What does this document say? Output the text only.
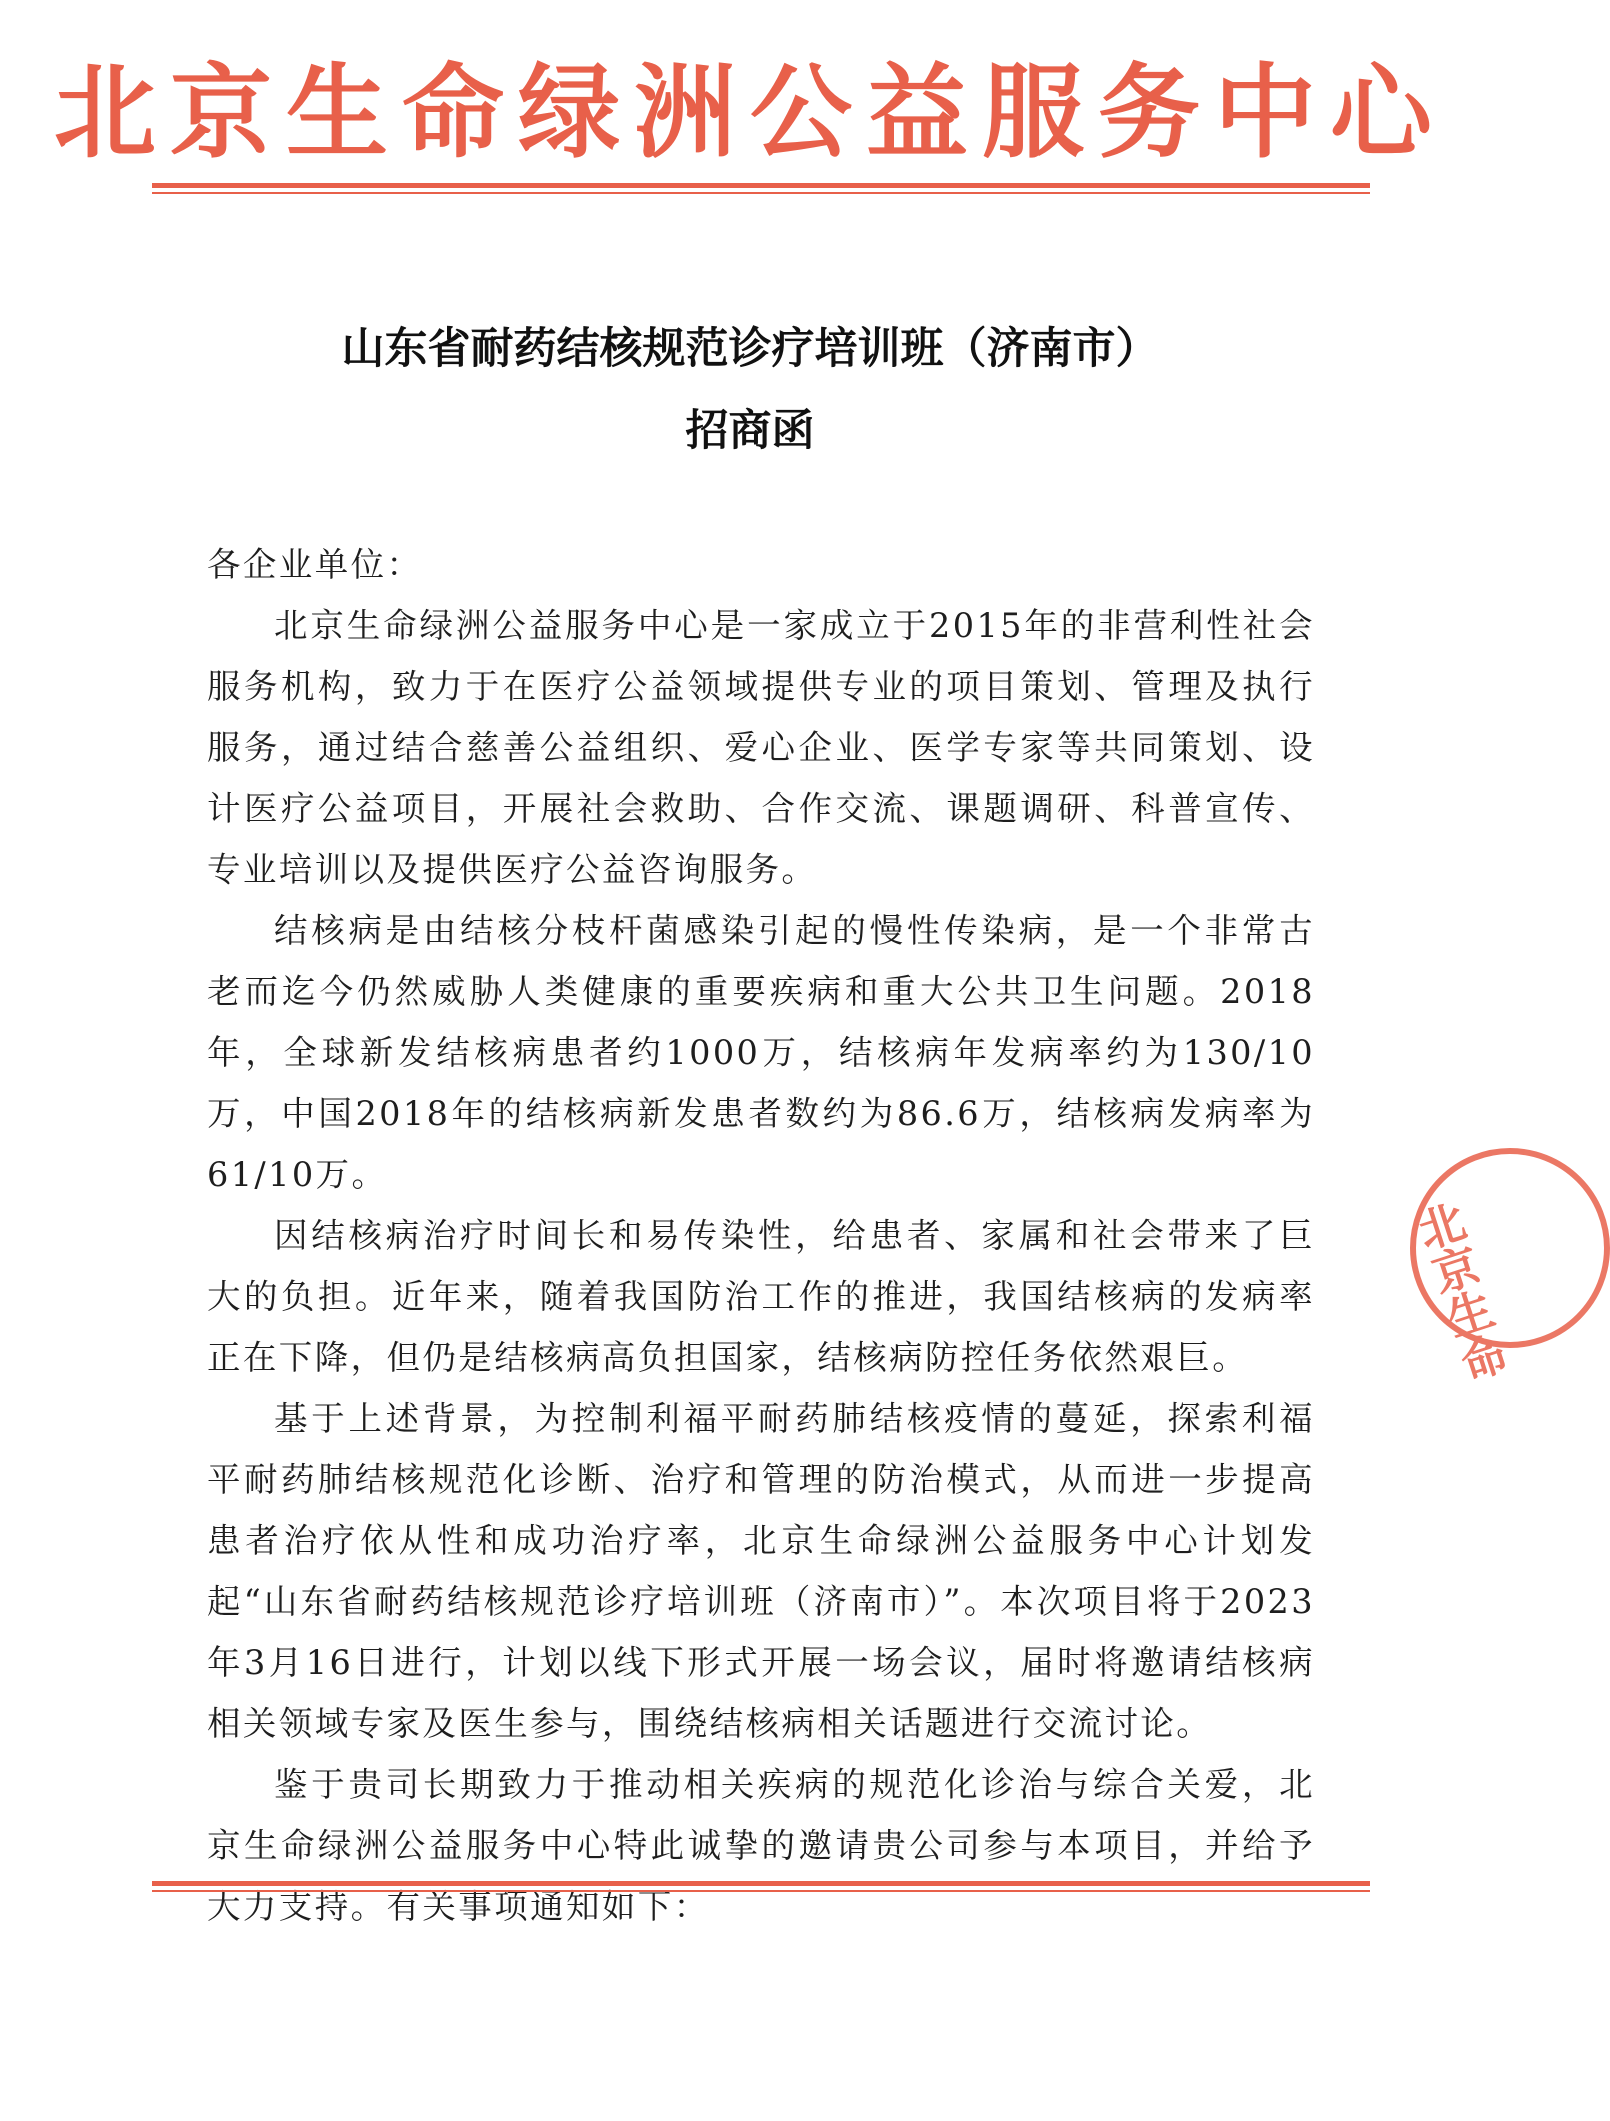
北京生命绿洲公益服务中心
山东省耐药结核规范诊疗培训班（济南市）
招商函

各企业单位：

北京生命绿洲公益服务中心是一家成立于2015年的非营利性社会服务机构，致力于在医疗公益领域提供专业的项目策划、管理及执行服务，通过结合慈善公益组织、爱心企业、医学专家等共同策划、设计医疗公益项目，开展社会救助、合作交流、课题调研、科普宣传、专业培训以及提供医疗公益咨询服务。

结核病是由结核分枝杆菌感染引起的慢性传染病，是一个非常古老而迄今仍然威胁人类健康的重要疾病和重大公共卫生问题。2018年，全球新发结核病患者约1000万，结核病年发病率约为130/10万，中国2018年的结核病新发患者数约为86.6万，结核病发病率为61/10万。

因结核病治疗时间长和易传染性，给患者、家属和社会带来了巨大的负担。近年来，随着我国防治工作的推进，我国结核病的发病率正在下降，但仍是结核病高负担国家，结核病防控任务依然艰巨。

基于上述背景，为控制利福平耐药肺结核疫情的蔓延，探索利福平耐药肺结核规范化诊断、治疗和管理的防治模式，从而进一步提高患者治疗依从性和成功治疗率，北京生命绿洲公益服务中心计划发起“山东省耐药结核规范诊疗培训班（济南市）”。本次项目将于2023年3月16日进行，计划以线下形式开展一场会议，届时将邀请结核病相关领域专家及医生参与，围绕结核病相关话题进行交流讨论。

鉴于贵司长期致力于推动相关疾病的规范化诊治与综合关爱，北京生命绿洲公益服务中心特此诚挚的邀请贵公司参与本项目，并给予大力支持。有关事项通知如下：

北京生命
